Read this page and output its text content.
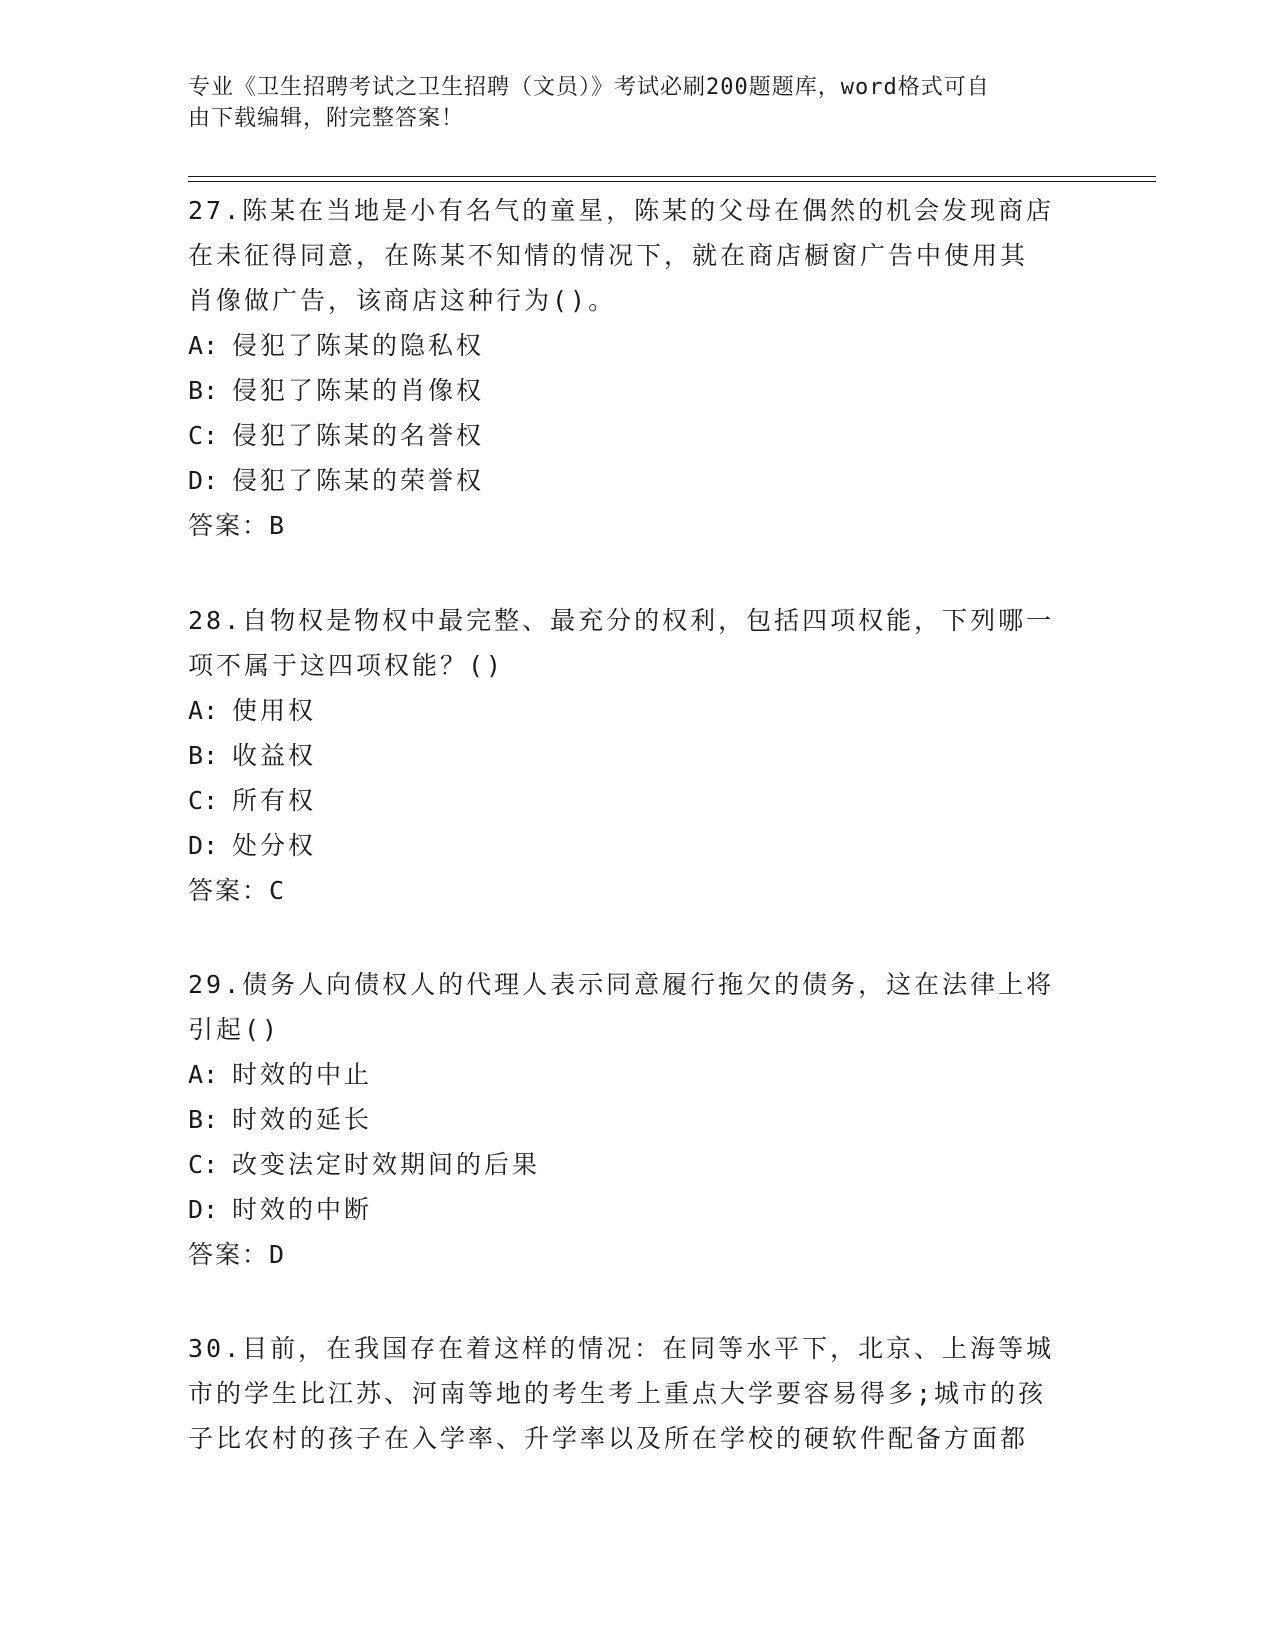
专业《卫生招聘考试之卫生招聘（文员）》考试必刷200题题库，word格式可自
由下载编辑，附完整答案！

27.陈某在当地是小有名气的童星，陈某的父母在偶然的机会发现商店

在未征得同意，在陈某不知情的情况下，就在商店橱窗广告中使用其

肖像做广告，该商店这种行为()。

A: 侵犯了陈某的隐私权

B: 侵犯了陈某的肖像权

C: 侵犯了陈某的名誉权

D: 侵犯了陈某的荣誉权

答案：B

28.自物权是物权中最完整、最充分的权利，包括四项权能，下列哪一

项不属于这四项权能？()

A: 使用权

B: 收益权

C: 所有权

D: 处分权

答案：C

29.债务人向债权人的代理人表示同意履行拖欠的债务，这在法律上将

引起()

A: 时效的中止

B: 时效的延长

C: 改变法定时效期间的后果

D: 时效的中断

答案：D

30.目前，在我国存在着这样的情况：在同等水平下，北京、上海等城

市的学生比江苏、河南等地的考生考上重点大学要容易得多;城市的孩

子比农村的孩子在入学率、升学率以及所在学校的硬软件配备方面都
